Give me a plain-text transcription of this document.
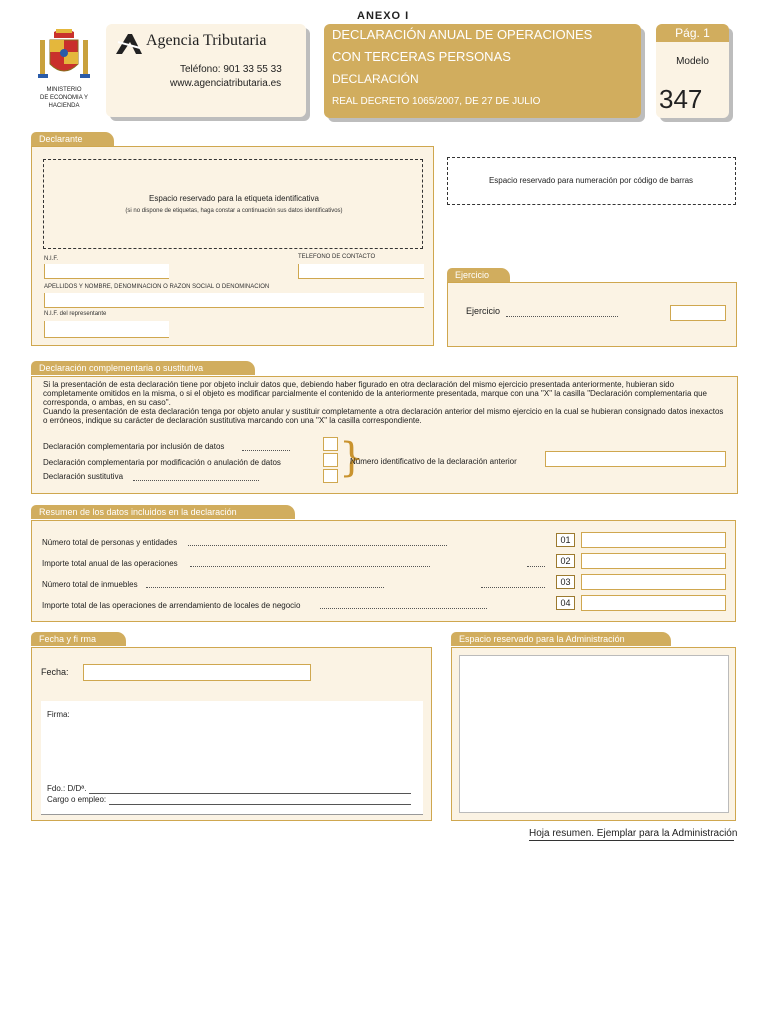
ANEXO I
MINISTERIO
DE ECONOMIA Y
HACIENDA
Agencia Tributaria
Teléfono: 901 33 55 33
www.agenciatributaria.es
DECLARACIÓN ANUAL DE OPERACIONES
CON TERCERAS PERSONAS
DECLARACIÓN
REAL DECRETO 1065/2007, DE 27 DE JULIO
Pág. 1
Modelo
347
Declarante
Espacio reservado para la etiqueta identificativa
(si no dispone de etiquetas, haga constar a continuación sus datos identificativos)
N.I.F.	TELEFONO DE CONTACTO
APELLIDOS Y NOMBRE, DENOMINACION O RAZON SOCIAL O DENOMINACION
N.I.F. del representante
Espacio reservado para numeración por código de barras
Ejercicio
Ejercicio
Declaración complementaria o sustitutiva
Si la presentación de esta declaración tiene por objeto incluir datos que, debiendo haber figurado en otra declaración del mismo ejercicio presentada anteriormente, hubieran sido completamente omitidos en la misma, o si el objeto es modificar parcialmente el contenido de la anteriormente presentada, marque con una "X" la casilla "Declaración complementaria que corresponda, o ambas, en su caso".
Cuando la presentación de esta declaración tenga por objeto anular y sustituir completamente a otra declaración anterior del mismo ejercicio en la cual se hubieran consignado datos inexactos o erróneos, indique su carácter de declaración sustitutiva marcando con una "X" la casilla correspondiente.
Declaración complementaria por inclusión de datos
Declaración complementaria por modificación o anulación de datos
Declaración sustitutiva	}
Número identificativo de la declaración anterior
Resumen de los datos incluidos en la declaración
Número total de personas y entidades	01
Importe total anual de las operaciones	02
Número total de inmuebles	03
Importe total de las operaciones de arrendamiento de locales de negocio	04
Fecha y fi rma
Fecha:
Firma:
Fdo.: D/Dª.
Cargo o empleo:
Espacio reservado para la Administración
Hoja resumen. Ejemplar para la Administración
